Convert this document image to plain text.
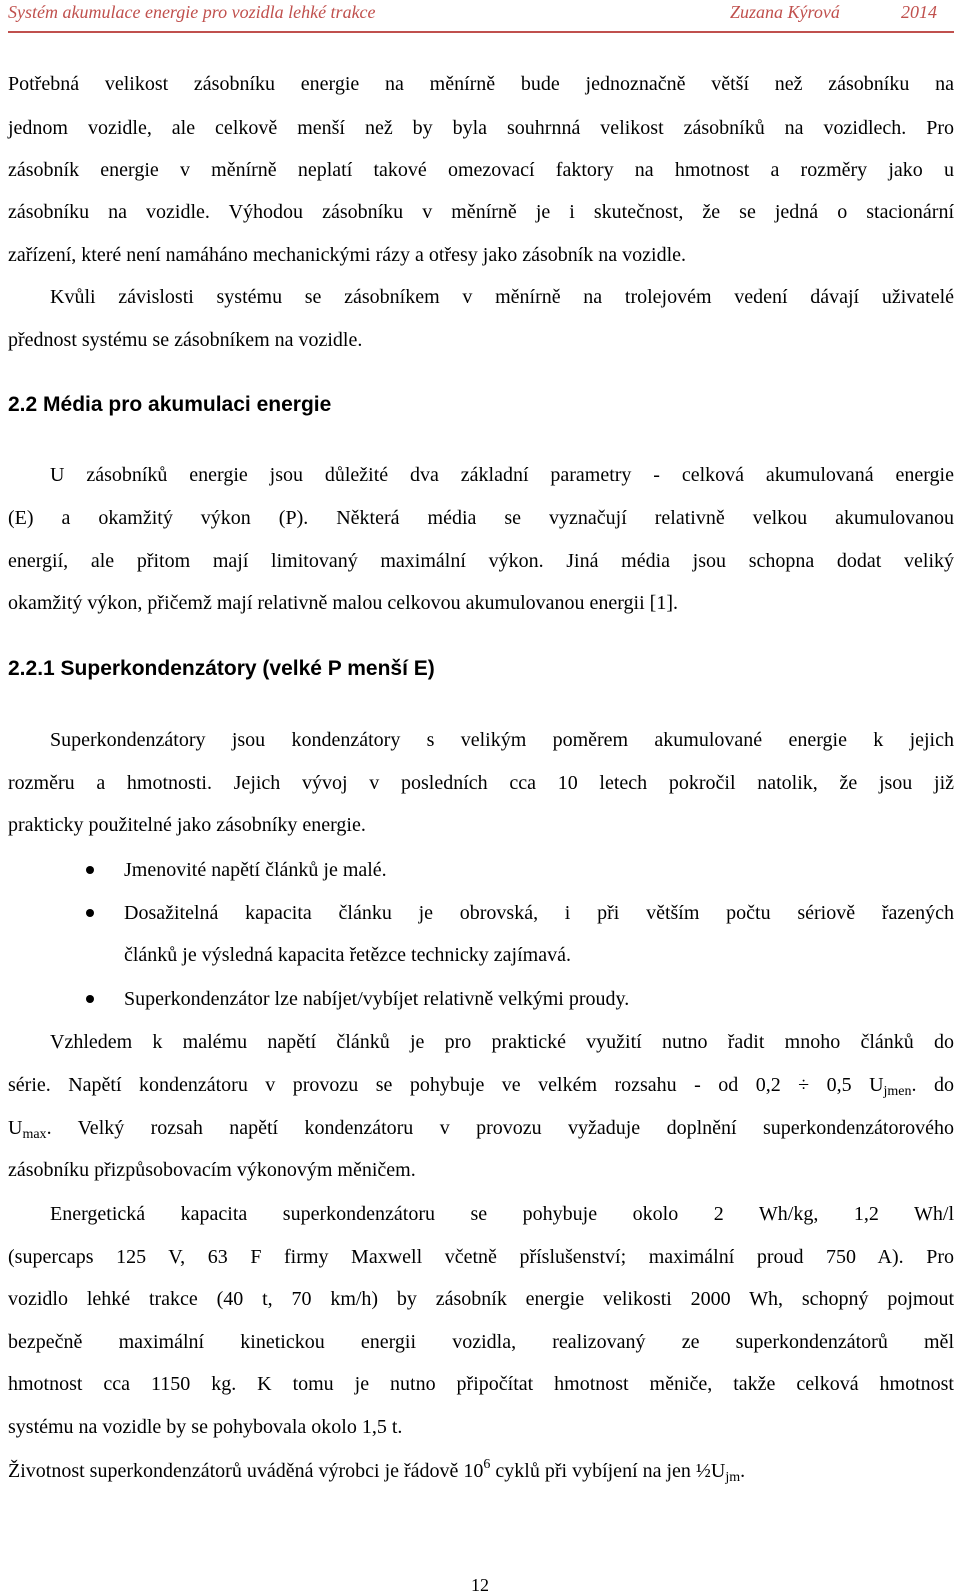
Systém akumulace energie pro vozidla lehké trakce	Zuzana Kýrová	2014
Potřebná velikost zásobníku energie na měnírně bude jednoznačně větší než zásobníku na
jednom vozidle, ale celkově menší než by byla souhrnná velikost zásobníků na vozidlech. Pro
zásobník energie v měnírně neplatí takové omezovací faktory na hmotnost a rozměry jako u
zásobníku na vozidle. Výhodou zásobníku v měnírně je i skutečnost, že se jedná o stacionární
zařízení, které není namáháno mechanickými rázy a otřesy jako zásobník na vozidle.
Kvůli závislosti systému se zásobníkem v měnírně na trolejovém vedení dávají uživatelé
přednost systému se zásobníkem na vozidle.
2.2 Média pro akumulaci energie
U zásobníků energie jsou důležité dva základní parametry - celková akumulovaná energie
(E) a okamžitý výkon (P). Některá média se vyznačují relativně velkou akumulovanou
energií, ale přitom mají limitovaný maximální výkon. Jiná média jsou schopna dodat veliký
okamžitý výkon, přičemž mají relativně malou celkovou akumulovanou energii [1].
2.2.1 Superkondenzátory (velké P menší E)
Superkondenzátory jsou kondenzátory s velikým poměrem akumulované energie k jejich
rozměru a hmotnosti. Jejich vývoj v posledních cca 10 letech pokročil natolik, že jsou již
prakticky použitelné jako zásobníky energie.
Jmenovité napětí článků je malé.
Dosažitelná kapacita článku je obrovská, i při větším počtu sériově řazených
článků je výsledná kapacita řetězce technicky zajímavá.
Superkondenzátor lze nabíjet/vybíjet relativně velkými proudy.
Vzhledem k malému napětí článků je pro praktické využití nutno řadit mnoho článků do
série. Napětí kondenzátoru v provozu se pohybuje ve velkém rozsahu - od 0,2 ÷ 0,5 $U_{jmen}$. do
$U_{max}$. Velký rozsah napětí kondenzátoru v provozu vyžaduje doplnění superkondenzátorového
zásobníku přizpůsobovacím výkonovým měničem.
Energetická kapacita superkondenzátoru se pohybuje okolo 2 Wh/kg, 1,2 Wh/l
(supercaps 125 V, 63 F firmy Maxwell včetně příslušenství; maximální proud 750 A). Pro
vozidlo lehké trakce (40 t, 70 km/h) by zásobník energie velikosti 2000 Wh, schopný pojmout
bezpečně maximální kinetickou energii vozidla, realizovaný ze superkondenzátorů měl
hmotnost cca 1150 kg. K tomu je nutno připočítat hmotnost měniče, takže celková hmotnost
systému na vozidle by se pohybovala okolo 1,5 t.
Životnost superkondenzátorů uváděná výrobci je řádově $10^6$ cyklů při vybíjení na jen $\frac{1}{2}U_{jm}$.
12
